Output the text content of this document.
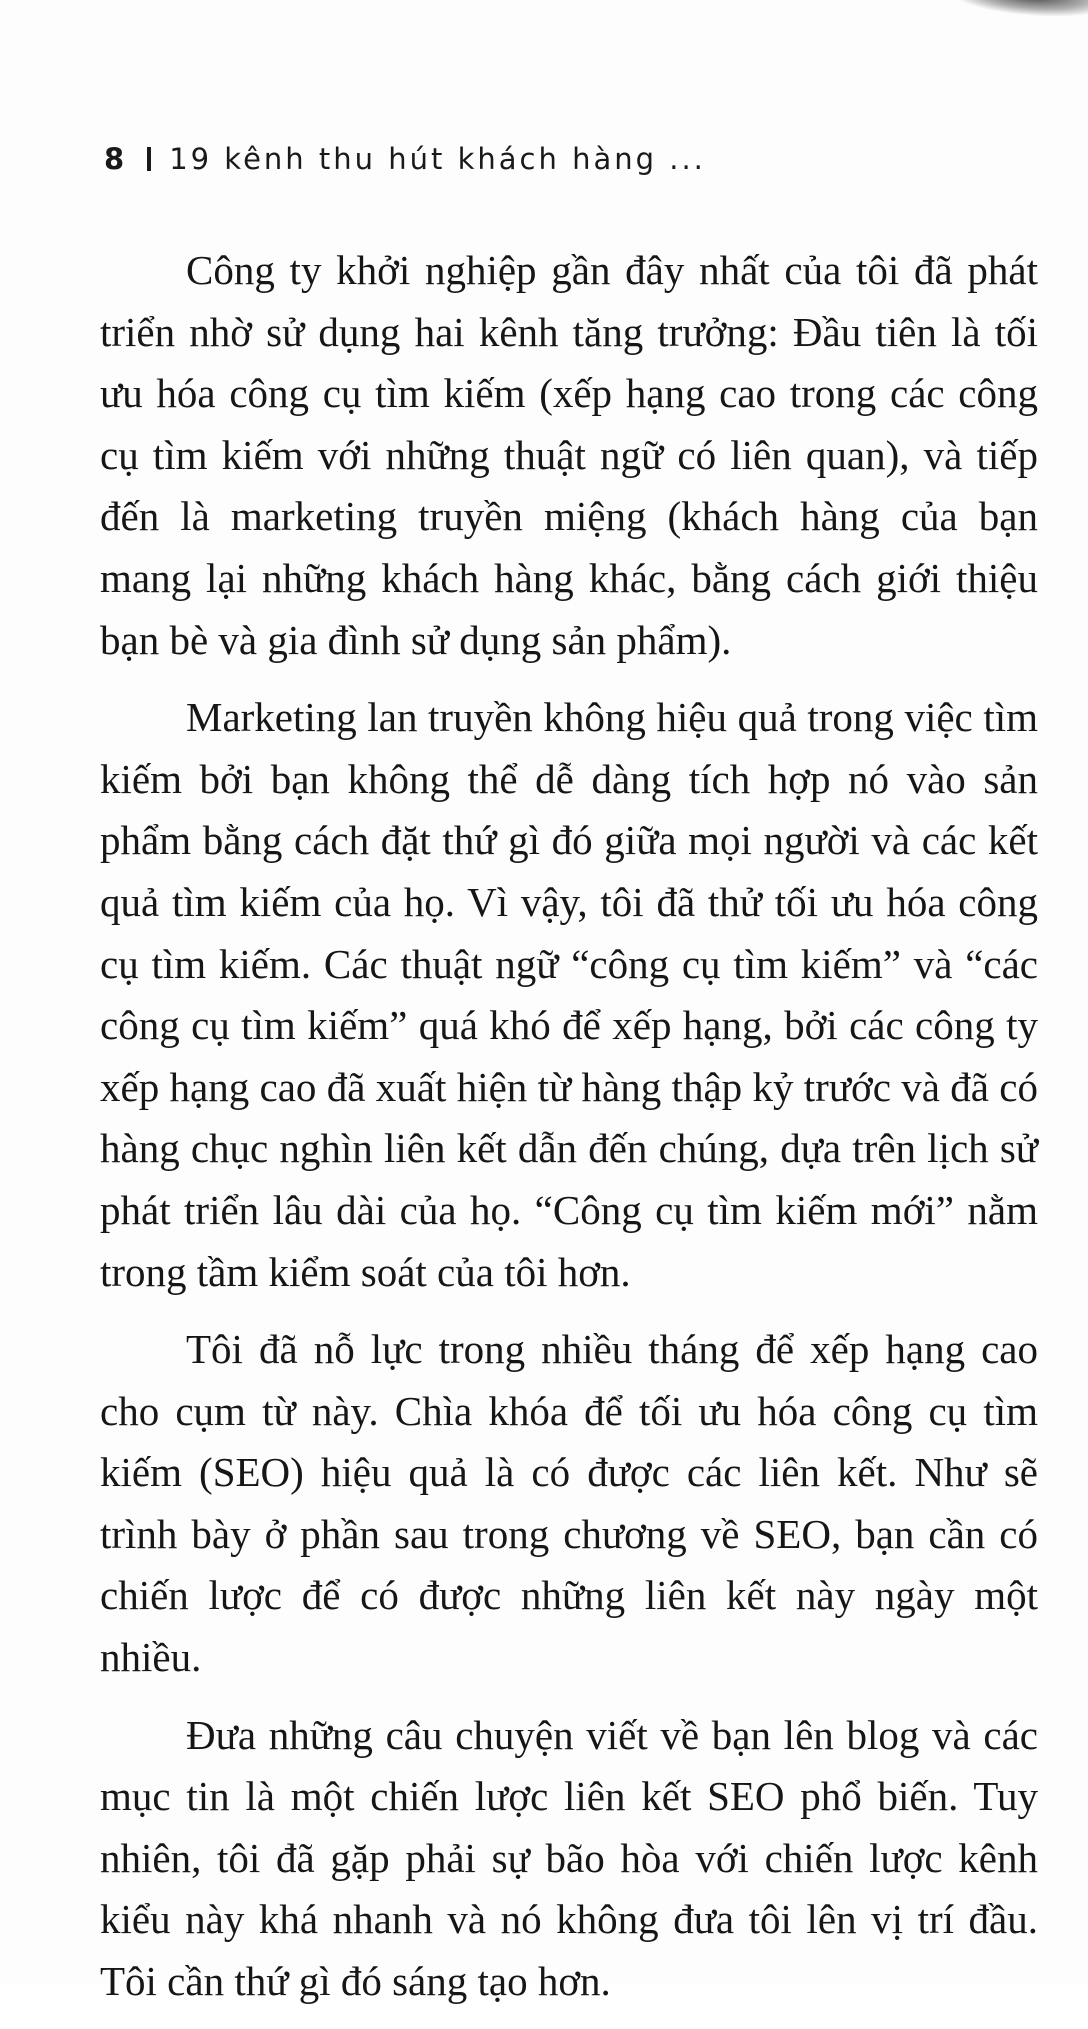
8 19 kênh thu hút khách hàng ...

Công ty khởi nghiệp gần đây nhất của tôi đã phát triển nhờ sử dụng hai kênh tăng trưởng: Đầu tiên là tối ưu hóa công cụ tìm kiếm (xếp hạng cao trong các công cụ tìm kiếm với những thuật ngữ có liên quan), và tiếp đến là marketing truyền miệng (khách hàng của bạn mang lại những khách hàng khác, bằng cách giới thiệu bạn bè và gia đình sử dụng sản phẩm).

Marketing lan truyền không hiệu quả trong việc tìm kiếm bởi bạn không thể dễ dàng tích hợp nó vào sản phẩm bằng cách đặt thứ gì đó giữa mọi người và các kết quả tìm kiếm của họ. Vì vậy, tôi đã thử tối ưu hóa công cụ tìm kiếm. Các thuật ngữ “công cụ tìm kiếm” và “các công cụ tìm kiếm” quá khó để xếp hạng, bởi các công ty xếp hạng cao đã xuất hiện từ hàng thập kỷ trước và đã có hàng chục nghìn liên kết dẫn đến chúng, dựa trên lịch sử phát triển lâu dài của họ. “Công cụ tìm kiếm mới” nằm trong tầm kiểm soát của tôi hơn.

Tôi đã nỗ lực trong nhiều tháng để xếp hạng cao cho cụm từ này. Chìa khóa để tối ưu hóa công cụ tìm kiếm (SEO) hiệu quả là có được các liên kết. Như sẽ trình bày ở phần sau trong chương về SEO, bạn cần có chiến lược để có được những liên kết này ngày một nhiều.

Đưa những câu chuyện viết về bạn lên blog và các mục tin là một chiến lược liên kết SEO phổ biến. Tuy nhiên, tôi đã gặp phải sự bão hòa với chiến lược kênh kiểu này khá nhanh và nó không đưa tôi lên vị trí đầu. Tôi cần thứ gì đó sáng tạo hơn.
